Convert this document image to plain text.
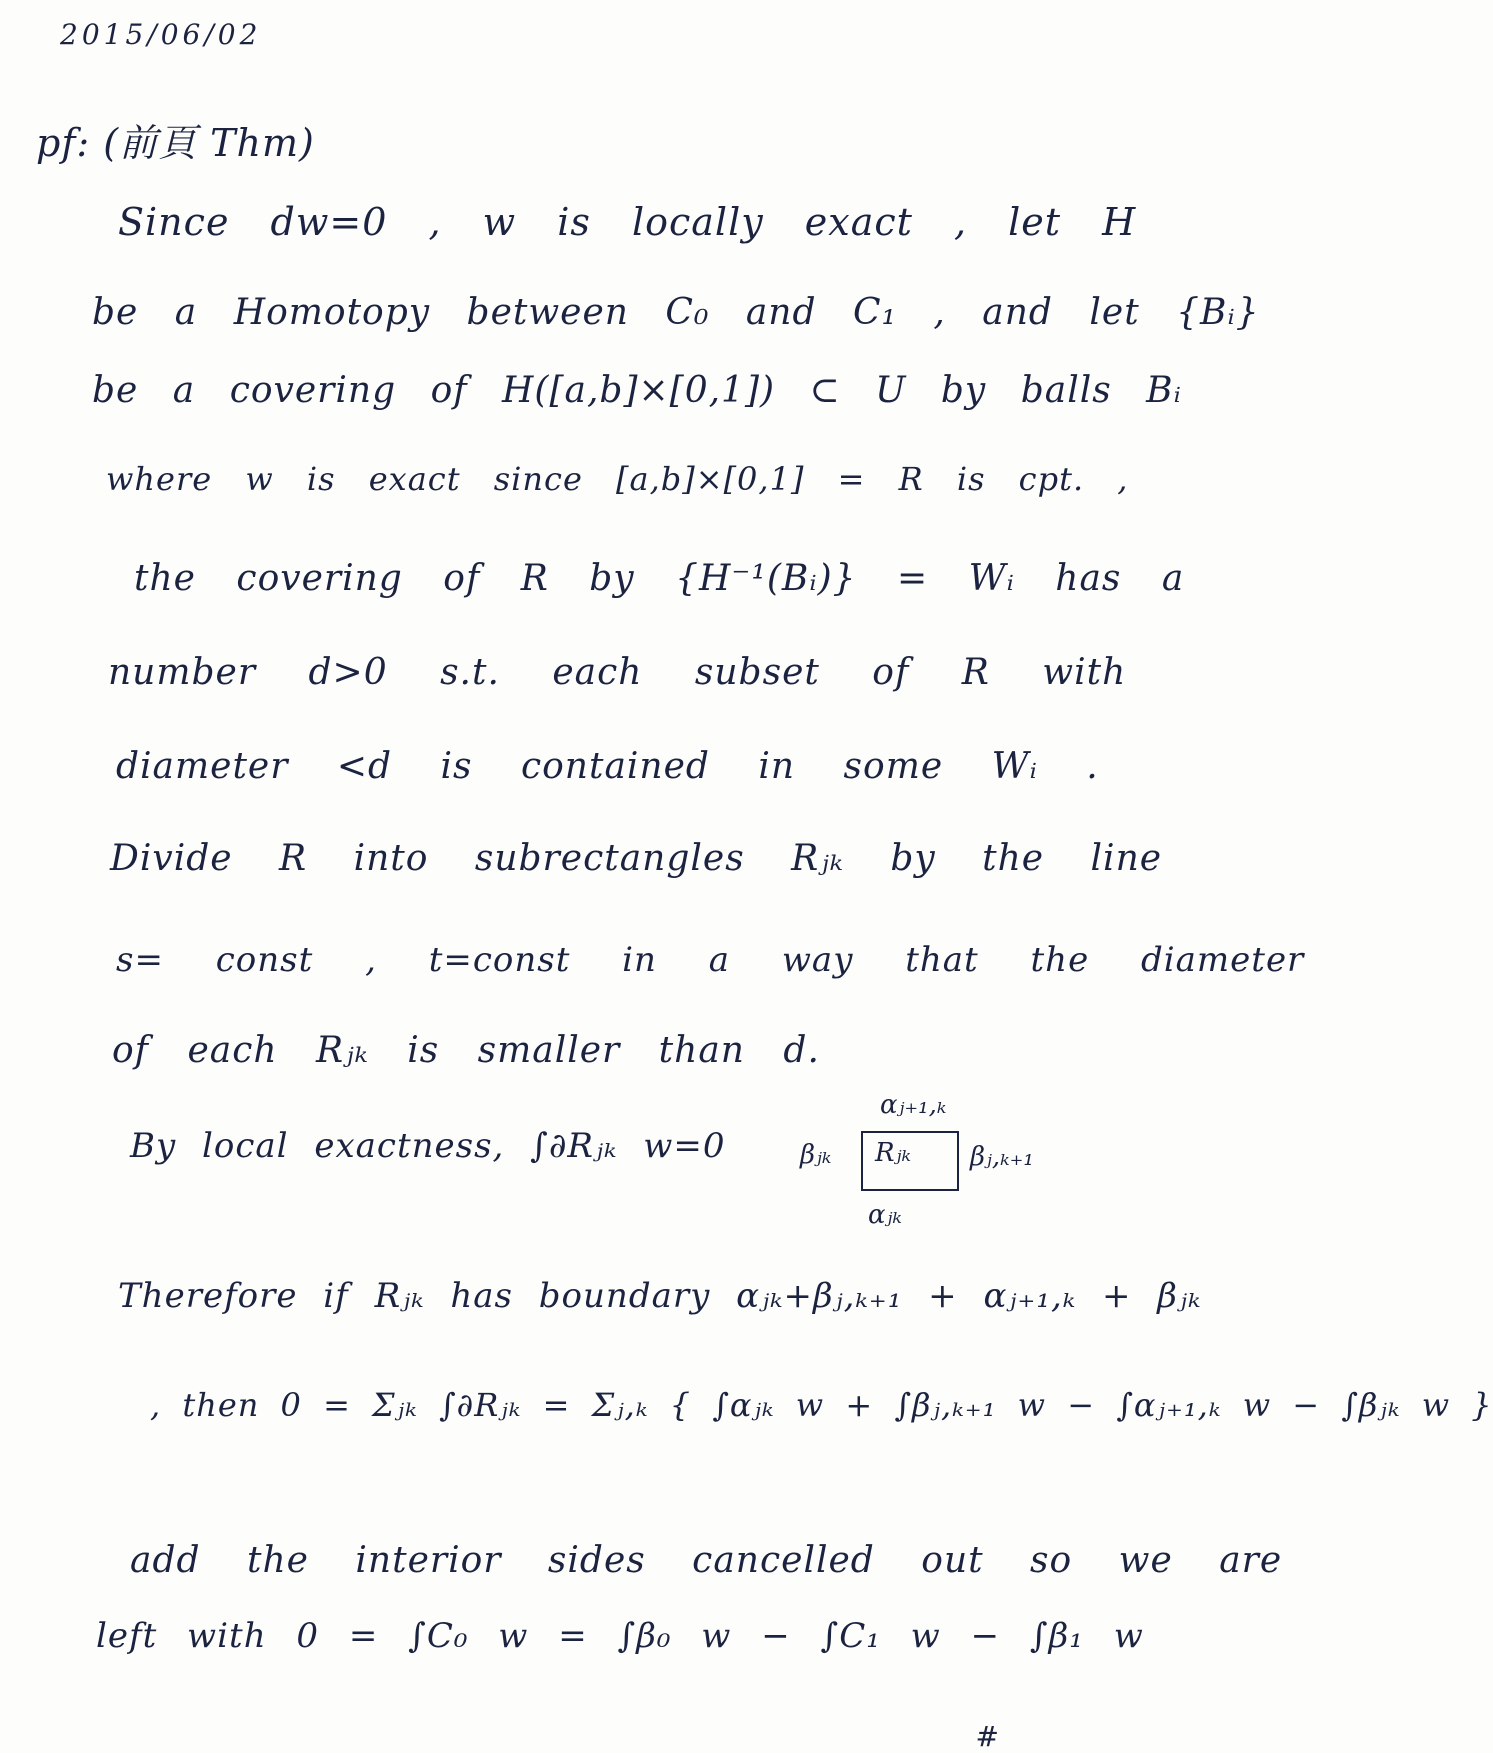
2015/06/02
pf: (前頁 Thm)
Since dw=0 , w is locally exact , let H
be a Homotopy between C₀ and C₁ , and let {Bᵢ}
be a covering of H([a,b]×[0,1]) ⊂ U by balls Bᵢ
where w is exact since [a,b]×[0,1] = R is cpt. ,
the covering of R by {H⁻¹(Bᵢ)} = Wᵢ has a
number d>0 s.t. each subset of R with
diameter <d is contained in some Wᵢ .
Divide R into subrectangles Rⱼₖ by the line
s= const , t=const in a way that the diameter
of each Rⱼₖ is smaller than d.
By local exactness, ∫∂Rⱼₖ w=0
Therefore if Rⱼₖ has boundary αⱼₖ+βⱼ,ₖ₊₁ + αⱼ₊₁,ₖ + βⱼₖ
, then 0 = Σⱼₖ ∫∂Rⱼₖ = Σⱼ,ₖ { ∫αⱼₖ w + ∫βⱼ,ₖ₊₁ w − ∫αⱼ₊₁,ₖ w − ∫βⱼₖ w }
add the interior sides cancelled out so we are
left with 0 = ∫C₀ w = ∫β₀ w − ∫C₁ w − ∫β₁ w
αⱼ₊₁,ₖ
βⱼₖ Rⱼₖ βⱼ,ₖ₊₁
αⱼₖ
#
